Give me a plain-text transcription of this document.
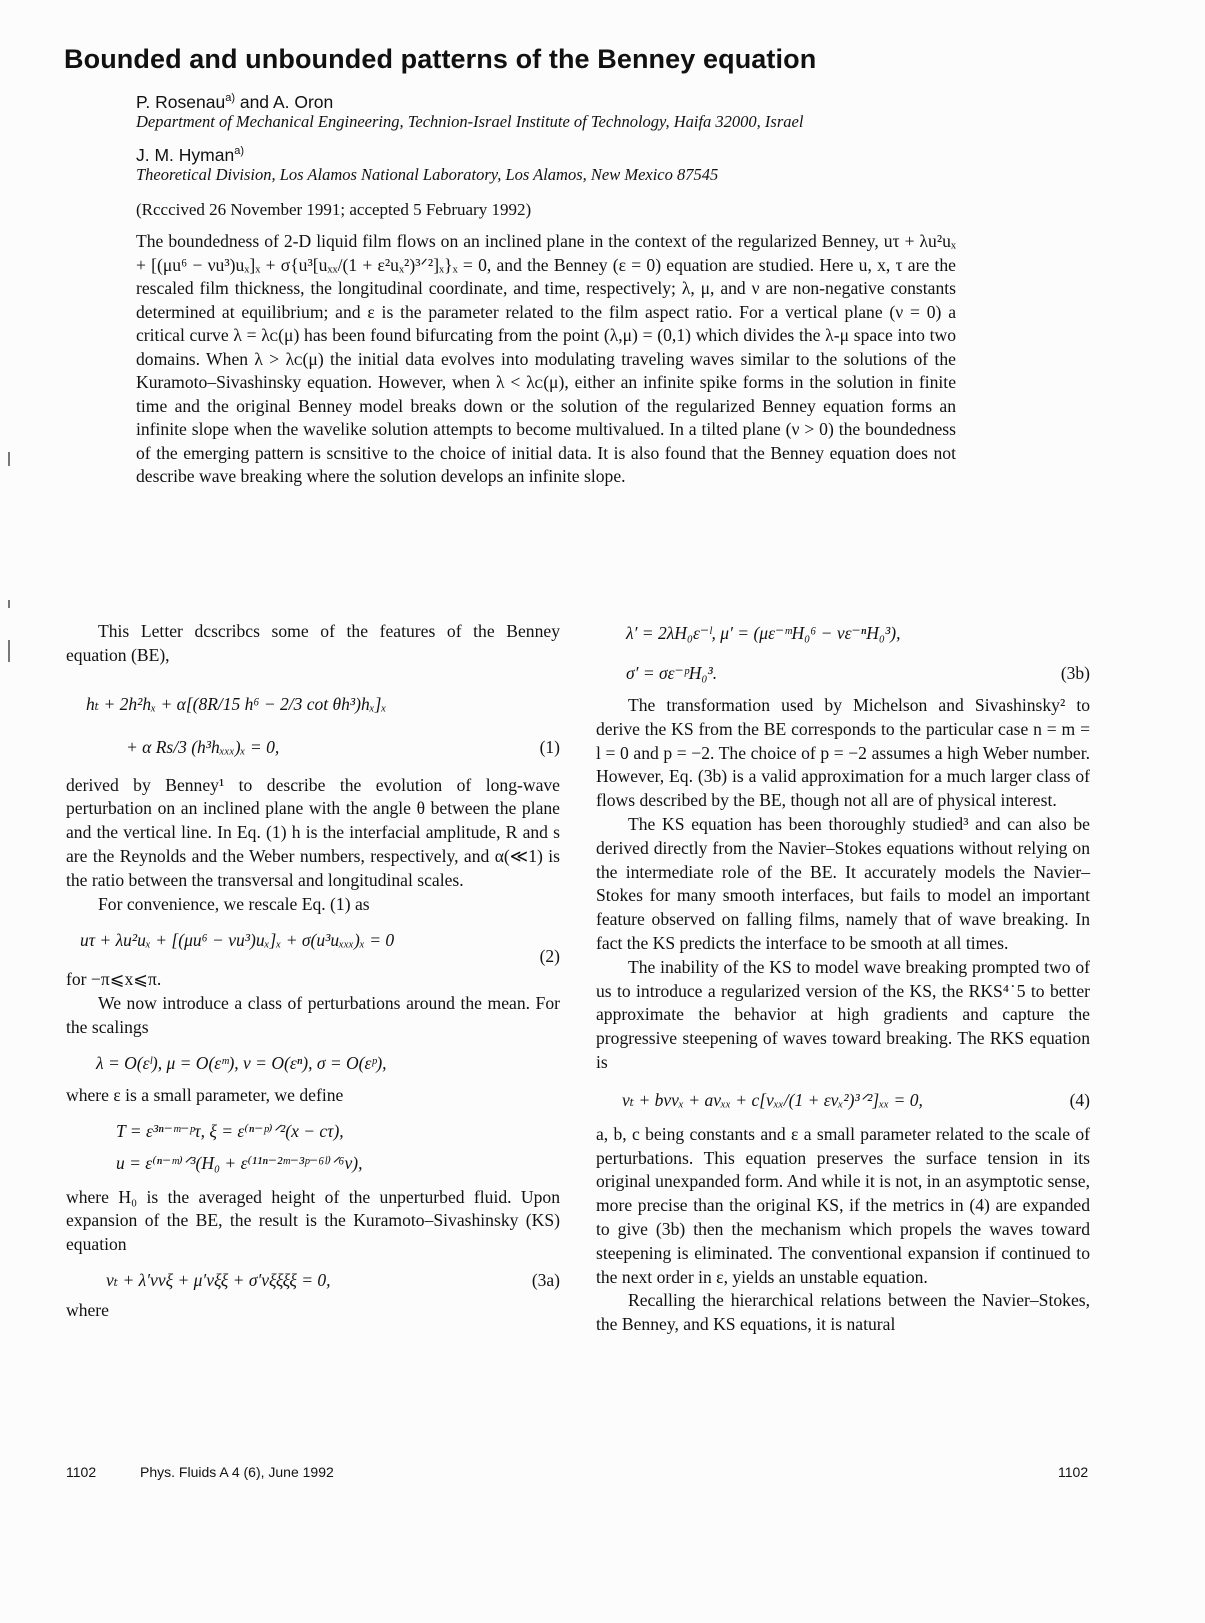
Bounded and unbounded patterns of the Benney equation
P. Rosenau$^{a)}$ and A. Oron
Department of Mechanical Engineering, Technion-Israel Institute of Technology, Haifa 32000, Israel
J. M. Hyman$^{a)}$
Theoretical Division, Los Alamos National Laboratory, Los Alamos, New Mexico 87545
(Rcccived 26 November 1991; accepted 5 February 1992)
The boundedness of 2-D liquid film flows on an inclined plane in the context of the regularized Benney, uτ + λu²uₓ + [(μu⁶ − νu³)uₓ]ₓ + σ{u³[uₓₓ/(1 + ε²uₓ²)³ᐟ²]ₓ}ₓ = 0, and the Benney (ε = 0) equation are studied. Here u, x, τ are the rescaled film thickness, the longitudinal coordinate, and time, respectively; λ, μ, and ν are non-negative constants determined at equilibrium; and ε is the parameter related to the film aspect ratio. For a vertical plane (ν = 0) a critical curve λ = λᴄ(μ) has been found bifurcating from the point (λ,μ) = (0,1) which divides the λ-μ space into two domains. When λ > λᴄ(μ) the initial data evolves into modulating traveling waves similar to the solutions of the Kuramoto–Sivashinsky equation. However, when λ < λᴄ(μ), either an infinite spike forms in the solution in finite time and the original Benney model breaks down or the solution of the regularized Benney equation forms an infinite slope when the wavelike solution attempts to become multivalued. In a tilted plane (ν > 0) the boundedness of the emerging pattern is scnsitive to the choice of initial data. It is also found that the Benney equation does not describe wave breaking where the solution develops an infinite slope.

This Letter dcscribcs some of the features of the Benney equation (BE),

hₜ + 2h²hₓ + α[(8R/15 h⁶ − 2/3 cot θh³)hₓ]ₓ
+ α Rs/3 (h³hₓₓₓ)ₓ = 0,	(1)

derived by Benney¹ to describe the evolution of long-wave perturbation on an inclined plane with the angle θ between the plane and the vertical line. In Eq. (1) h is the interfacial amplitude, R and s are the Reynolds and the Weber numbers, respectively, and α(≪1) is the ratio between the transversal and longitudinal scales.

For convenience, we rescale Eq. (1) as

uτ + λu²uₓ + [(μu⁶ − νu³)uₓ]ₓ + σ(u³uₓₓₓ)ₓ = 0
(2)

for −π⩽x⩽π.

We now introduce a class of perturbations around the mean. For the scalings

λ = O(εˡ), μ = O(εᵐ), ν = O(εⁿ), σ = O(εᵖ),

where ε is a small parameter, we define

T = ε³ⁿ⁻ᵐ⁻ᵖτ, ξ = ε⁽ⁿ⁻ᵖ⁾ᐟ²(x − cτ),
u = ε⁽ⁿ⁻ᵐ⁾ᐟ³(H₀ + ε⁽¹¹ⁿ⁻²ᵐ⁻³ᵖ⁻⁶ˡ⁾ᐟ⁶v),

where H₀ is the averaged height of the unperturbed fluid. Upon expansion of the BE, the result is the Kuramoto–Sivashinsky (KS) equation

vₜ + λ′vvξ + μ′vξξ + σ′vξξξξ = 0,	(3a)

where

λ′ = 2λH₀ε⁻ˡ, μ′ = (με⁻ᵐH₀⁶ − νε⁻ⁿH₀³),
σ′ = σε⁻ᵖH₀³.	(3b)

The transformation used by Michelson and Sivashinsky² to derive the KS from the BE corresponds to the particular case n = m = l = 0 and p = −2. The choice of p = −2 assumes a high Weber number. However, Eq. (3b) is a valid approximation for a much larger class of flows described by the BE, though not all are of physical interest.

The KS equation has been thoroughly studied³ and can also be derived directly from the Navier–Stokes equations without relying on the intermediate role of the BE. It accurately models the Navier–Stokes for many smooth interfaces, but fails to model an important feature observed on falling films, namely that of wave breaking. In fact the KS predicts the interface to be smooth at all times.

The inability of the KS to model wave breaking prompted two of us to introduce a regularized version of the KS, the RKS⁴˙5 to better approximate the behavior at high gradients and capture the progressive steepening of waves toward breaking. The RKS equation is

vₜ + bvvₓ + avₓₓ + c[vₓₓ/(1 + εvₓ²)³ᐟ²]ₓₓ = 0,	(4)

a, b, c being constants and ε a small parameter related to the scale of perturbations. This equation preserves the surface tension in its original unexpanded form. And while it is not, in an asymptotic sense, more precise than the original KS, if the metrics in (4) are expanded to give (3b) then the mechanism which propels the waves toward steepening is eliminated. The conventional expansion if continued to the next order in ε, yields an unstable equation.

Recalling the hierarchical relations between the Navier–Stokes, the Benney, and KS equations, it is natural

1102	Phys. Fluids A 4 (6), June 1992	1102
